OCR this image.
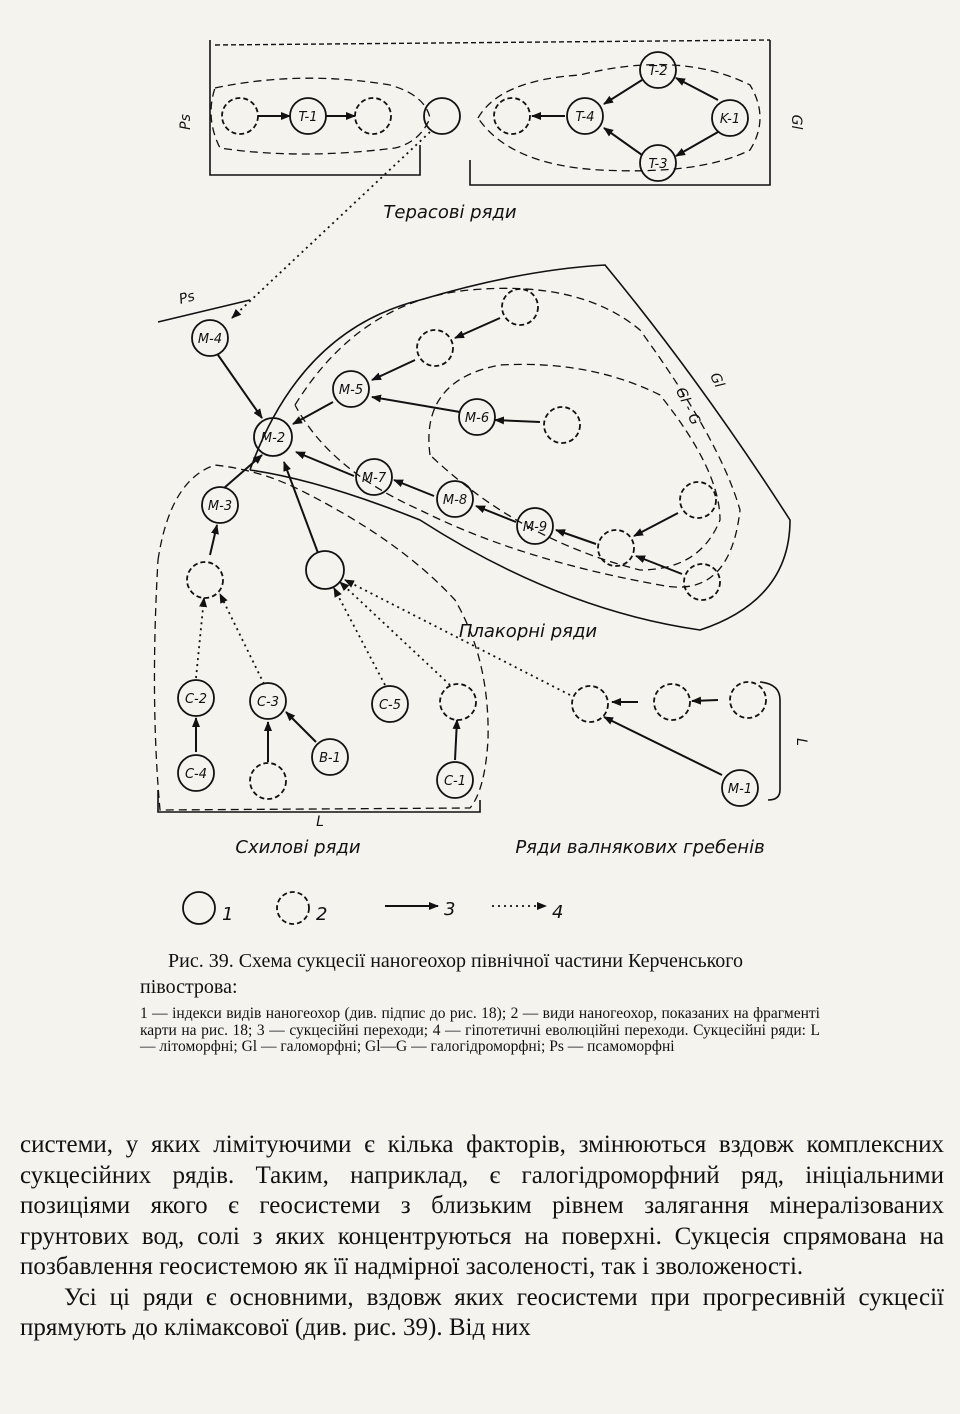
T-1	T-4
T-2
T-3
K-1
Ps	Gl
Терасові ряди
M-4
M-2
M-5
M-6
M-7
M-8
M-9
Ps
Gl
Gl - G
Плакорні ряди
M-3
C-2	C-3	C-5
C-4
B-1
C-1
L
Схилові ряди
M-1
L
Ряди валнякових гребенів
1	2	3	4

Рис. 39. Схема сукцесії наногеохор північної частини Керченського півострова:

1 — індекси видів наногеохор (див. підпис до рис. 18); 2 — види наногеохор, показаних на фрагменті карти на рис. 18; 3 — сукцесійні переходи; 4 — гіпотетичні еволюційні переходи. Сукцесійні ряди: L — літоморфні; Gl — галоморфні; Gl—G — галогідроморфні; Ps — псамоморфні

системи, у яких лімітуючими є кілька факторів, змінюються вздовж комплексних сукцесійних рядів. Таким, наприклад, є галогідроморфний ряд, ініціальними позиціями якого є геосистеми з близьким рівнем залягання мінералізованих грунтових вод, солі з яких концентруються на поверхні. Сукцесія спрямована на позбавлення геосистемою як її надмірної засоленості, так і зволоженості.

Усі ці ряди є основними, вздовж яких геосистеми при прогресивній сукцесії прямують до клімаксової (див. рис. 39). Від них
